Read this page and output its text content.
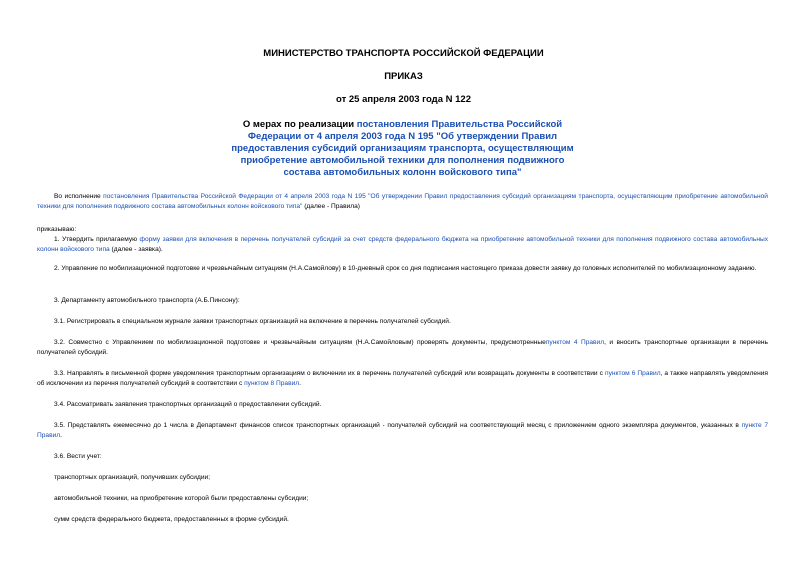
МИНИСТЕРСТВО ТРАНСПОРТА РОССИЙСКОЙ ФЕДЕРАЦИИ
ПРИКАЗ
от 25 апреля 2003 года N 122
О мерах по реализации постановления Правительства Российской Федерации от 4 апреля 2003 года N 195 "Об утверждении Правил предоставления субсидий организациям транспорта, осуществляющим приобретение автомобильной техники для пополнения подвижного состава автомобильных колонн войскового типа"
Во исполнение постановления Правительства Российской Федерации от 4 апреля 2003 года N 195 "Об утверждении Правил предоставления субсидий организациям транспорта, осуществляющим приобретение автомобильной техники для пополнения подвижного состава автомобильных колонн войскового типа" (далее - Правила)
приказываю:
1. Утвердить прилагаемую форму заявки для включения в перечень получателей субсидий за счет средств федерального бюджета на приобретение автомобильной техники для пополнения подвижного состава автомобильных колонн войскового типа (далее - заявка).
2. Управление по мобилизационной подготовке и чрезвычайным ситуациям (Н.А.Самойлову) в 10-дневный срок со дня подписания настоящего приказа довести заявку до головных исполнителей по мобилизационному заданию.
3. Департаменту автомобильного транспорта (А.Б.Пинсону):
3.1. Регистрировать в специальном журнале заявки транспортных организаций на включение в перечень получателей субсидий.
3.2. Совместно с Управлением по мобилизационной подготовке и чрезвычайным ситуациям (Н.А.Самойловым) проверять документы, предусмотренныепунктом 4 Правил, и вносить транспортные организации в перечень получателей субсидий.
3.3. Направлять в письменной форме уведомления транспортным организациям о включении их в перечень получателей субсидий или возвращать документы в соответствии с пунктом 6 Правил, а также направлять уведомления об исключении из перечня получателей субсидий в соответствии с пунктом 8 Правил.
3.4. Рассматривать заявления транспортных организаций о предоставлении субсидий.
3.5. Представлять ежемесячно до 1 числа в Департамент финансов список транспортных организаций - получателей субсидий на соответствующий месяц с приложением одного экземпляра документов, указанных в пункте 7 Правил.
3.6. Вести учет:
транспортных организаций, получивших субсидии;
автомобильной техники, на приобретение которой были предоставлены субсидии;
сумм средств федерального бюджета, предоставленных в форме субсидий.
